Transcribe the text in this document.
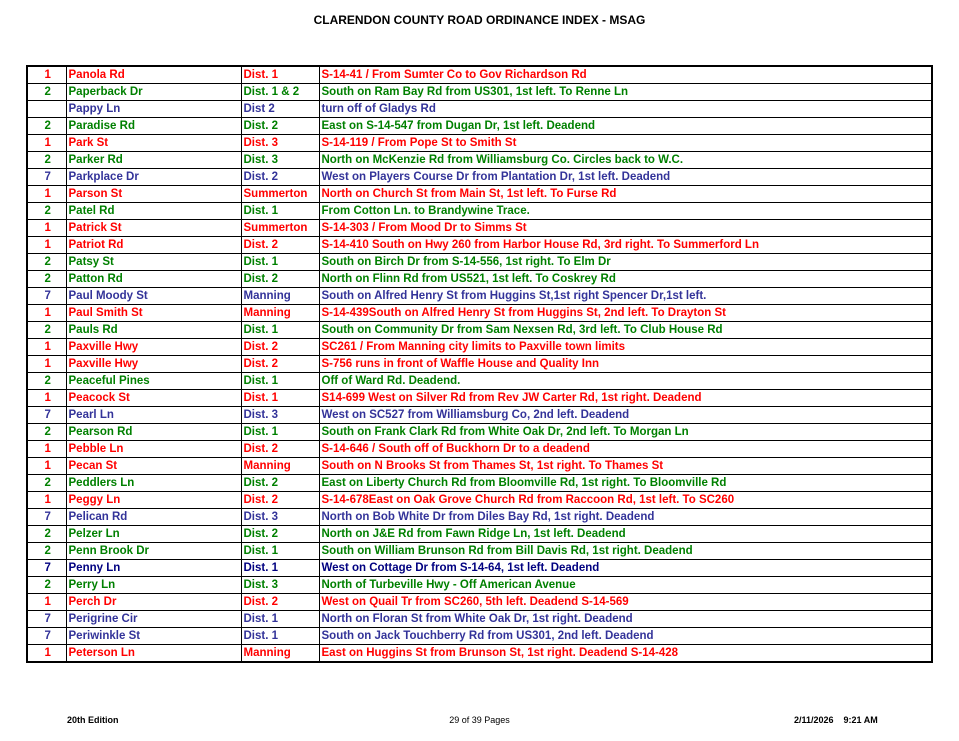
CLARENDON COUNTY ROAD ORDINANCE INDEX - MSAG
1	Panola Rd	Dist. 1	S-14-41 / From Sumter Co to Gov Richardson Rd
2	Paperback Dr	Dist. 1 & 2	South on Ram Bay Rd from US301, 1st left. To Renne Ln
	Pappy Ln	Dist 2	turn off of Gladys Rd
2	Paradise Rd	Dist. 2	East on S-14-547 from Dugan Dr, 1st left. Deadend
1	Park St	Dist. 3	S-14-119 / From Pope St to Smith St
2	Parker Rd	Dist. 3	North on McKenzie Rd from Williamsburg Co. Circles back to W.C.
7	Parkplace Dr	Dist. 2	West on Players Course Dr from Plantation Dr, 1st left. Deadend
1	Parson St	Summerton	North on Church St from Main St, 1st left. To Furse Rd
2	Patel Rd	Dist. 1	From Cotton Ln. to Brandywine Trace.
1	Patrick St	Summerton	S-14-303 / From Mood Dr to Simms St
1	Patriot Rd	Dist. 2	S-14-410 South on Hwy 260 from Harbor House Rd, 3rd right. To Summerford Ln
2	Patsy St	Dist. 1	South on Birch Dr from S-14-556, 1st right. To Elm Dr
2	Patton Rd	Dist. 2	North on Flinn Rd from US521, 1st left. To Coskrey Rd
7	Paul Moody St	Manning	South on Alfred Henry St from Huggins St,1st right Spencer Dr,1st left.
1	Paul Smith St	Manning	S-14-439South on Alfred Henry St from Huggins St, 2nd left. To Drayton St
2	Pauls Rd	Dist. 1	South on Community Dr from Sam Nexsen Rd, 3rd left. To Club House Rd
1	Paxville Hwy	Dist. 2	SC261 / From Manning city limits to Paxville town limits
1	Paxville Hwy	Dist. 2	S-756 runs in front of Waffle House and Quality Inn
2	Peaceful Pines	Dist. 1	Off of Ward Rd. Deadend.
1	Peacock St	Dist. 1	S14-699 West on Silver Rd from Rev JW Carter Rd, 1st right. Deadend
7	Pearl Ln	Dist. 3	West on SC527 from Williamsburg Co, 2nd left. Deadend
2	Pearson Rd	Dist. 1	South on Frank Clark Rd from White Oak Dr, 2nd left. To Morgan Ln
1	Pebble Ln	Dist. 2	S-14-646 / South off of Buckhorn Dr to a deadend
1	Pecan St	Manning	South on N Brooks St from Thames St, 1st right. To Thames St
2	Peddlers Ln	Dist. 2	East on Liberty Church Rd from Bloomville Rd, 1st right. To Bloomville Rd
1	Peggy Ln	Dist. 2	S-14-678East on Oak Grove Church Rd from Raccoon Rd, 1st left. To SC260
7	Pelican Rd	Dist. 3	North on Bob White Dr from Diles Bay Rd, 1st right. Deadend
2	Pelzer Ln	Dist. 2	North on J&E Rd from Fawn Ridge Ln, 1st left. Deadend
2	Penn Brook Dr	Dist. 1	South on William Brunson Rd from Bill Davis Rd, 1st right. Deadend
7	Penny Ln	Dist. 1	West on Cottage Dr from S-14-64, 1st left. Deadend
2	Perry Ln	Dist. 3	North of Turbeville Hwy - Off American Avenue
1	Perch Dr	Dist. 2	West on Quail Tr from SC260, 5th left. Deadend S-14-569
7	Perigrine Cir	Dist. 1	North on Floran St from White Oak Dr, 1st right. Deadend
7	Periwinkle St	Dist. 1	South on Jack Touchberry Rd from US301, 2nd left. Deadend
1	Peterson Ln	Manning	East on Huggins St from Brunson St, 1st right. Deadend S-14-428
20th Edition	29 of 39 Pages	2/11/2026    9:21 AM
